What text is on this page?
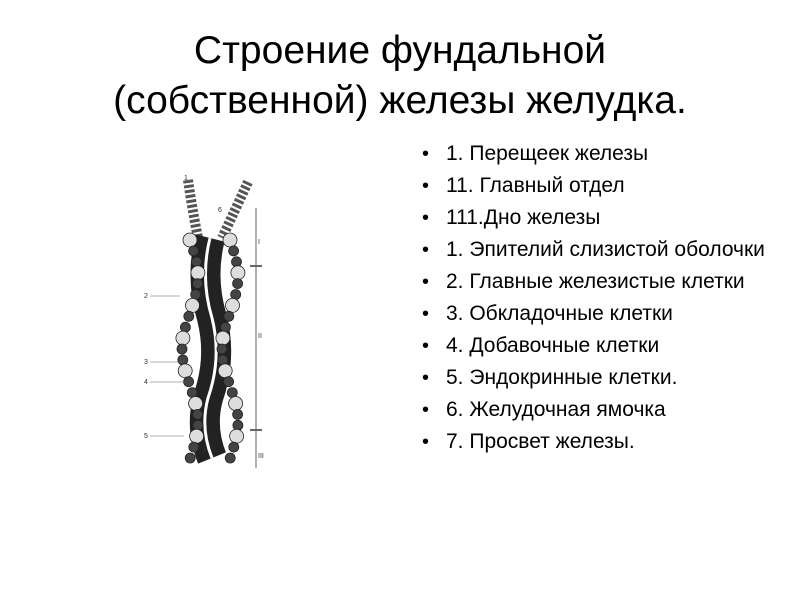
Строение фундальной
(собственной) железы желудка.
1
6
I
II
III
2
3
4
5
7
• 1. Перещеек железы
• 11. Главный отдел
• 111.Дно железы
• 1. Эпителий слизистой оболочки
• 2. Главные железистые клетки
• 3. Обкладочные клетки
• 4. Добавочные клетки
• 5. Эндокринные клетки.
• 6. Желудочная ямочка
• 7. Просвет железы.
